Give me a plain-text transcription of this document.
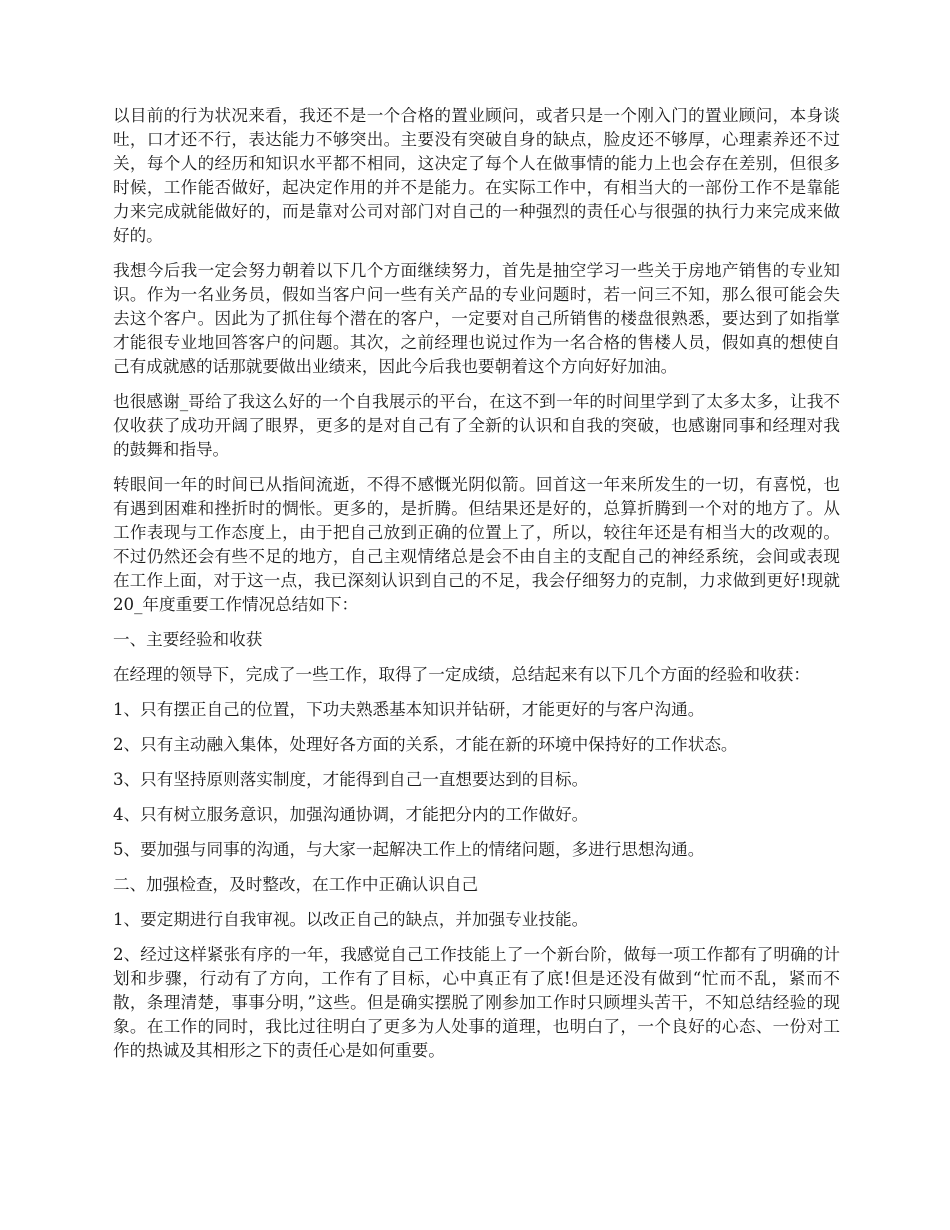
以目前的行为状况来看，我还不是一个合格的置业顾问，或者只是一个刚入门的置业顾问，本身谈吐，口才还不行，表达能力不够突出。主要没有突破自身的缺点，脸皮还不够厚，心理素养还不过关，每个人的经历和知识水平都不相同，这决定了每个人在做事情的能力上也会存在差别，但很多时候，工作能否做好，起决定作用的并不是能力。在实际工作中，有相当大的一部份工作不是靠能力来完成就能做好的，而是靠对公司对部门对自己的一种强烈的责任心与很强的执行力来完成来做好的。

我想今后我一定会努力朝着以下几个方面继续努力，首先是抽空学习一些关于房地产销售的专业知识。作为一名业务员，假如当客户问一些有关产品的专业问题时，若一问三不知，那么很可能会失去这个客户。因此为了抓住每个潜在的客户，一定要对自己所销售的楼盘很熟悉，要达到了如指掌才能很专业地回答客户的问题。其次，之前经理也说过作为一名合格的售楼人员，假如真的想使自己有成就感的话那就要做出业绩来，因此今后我也要朝着这个方向好好加油。

也很感谢_哥给了我这么好的一个自我展示的平台，在这不到一年的时间里学到了太多太多，让我不仅收获了成功开阔了眼界，更多的是对自己有了全新的认识和自我的突破，也感谢同事和经理对我的鼓舞和指导。

转眼间一年的时间已从指间流逝，不得不感慨光阴似箭。回首这一年来所发生的一切，有喜悦，也有遇到困难和挫折时的惆怅。更多的，是折腾。但结果还是好的，总算折腾到一个对的地方了。从工作表现与工作态度上，由于把自己放到正确的位置上了，所以，较往年还是有相当大的改观的。不过仍然还会有些不足的地方，自己主观情绪总是会不由自主的支配自己的神经系统，会间或表现在工作上面，对于这一点，我已深刻认识到自己的不足，我会仔细努力的克制，力求做到更好!现就 20_年度重要工作情况总结如下：

一、主要经验和收获

在经理的领导下，完成了一些工作，取得了一定成绩，总结起来有以下几个方面的经验和收获：

1、只有摆正自己的位置，下功夫熟悉基本知识并钻研，才能更好的与客户沟通。

2、只有主动融入集体，处理好各方面的关系，才能在新的环境中保持好的工作状态。

3、只有坚持原则落实制度，才能得到自己一直想要达到的目标。

4、只有树立服务意识，加强沟通协调，才能把分内的工作做好。

5、要加强与同事的沟通，与大家一起解决工作上的情绪问题，多进行思想沟通。

二、加强检查，及时整改，在工作中正确认识自己

1、要定期进行自我审视。以改正自己的缺点，并加强专业技能。

2、经过这样紧张有序的一年，我感觉自己工作技能上了一个新台阶，做每一项工作都有了明确的计划和步骤，行动有了方向，工作有了目标，心中真正有了底!但是还没有做到“忙而不乱，紧而不散，条理清楚，事事分明，”这些。但是确实摆脱了刚参加工作时只顾埋头苦干，不知总结经验的现象。在工作的同时，我比过往明白了更多为人处事的道理，也明白了，一个良好的心态、一份对工作的热诚及其相形之下的责任心是如何重要。
